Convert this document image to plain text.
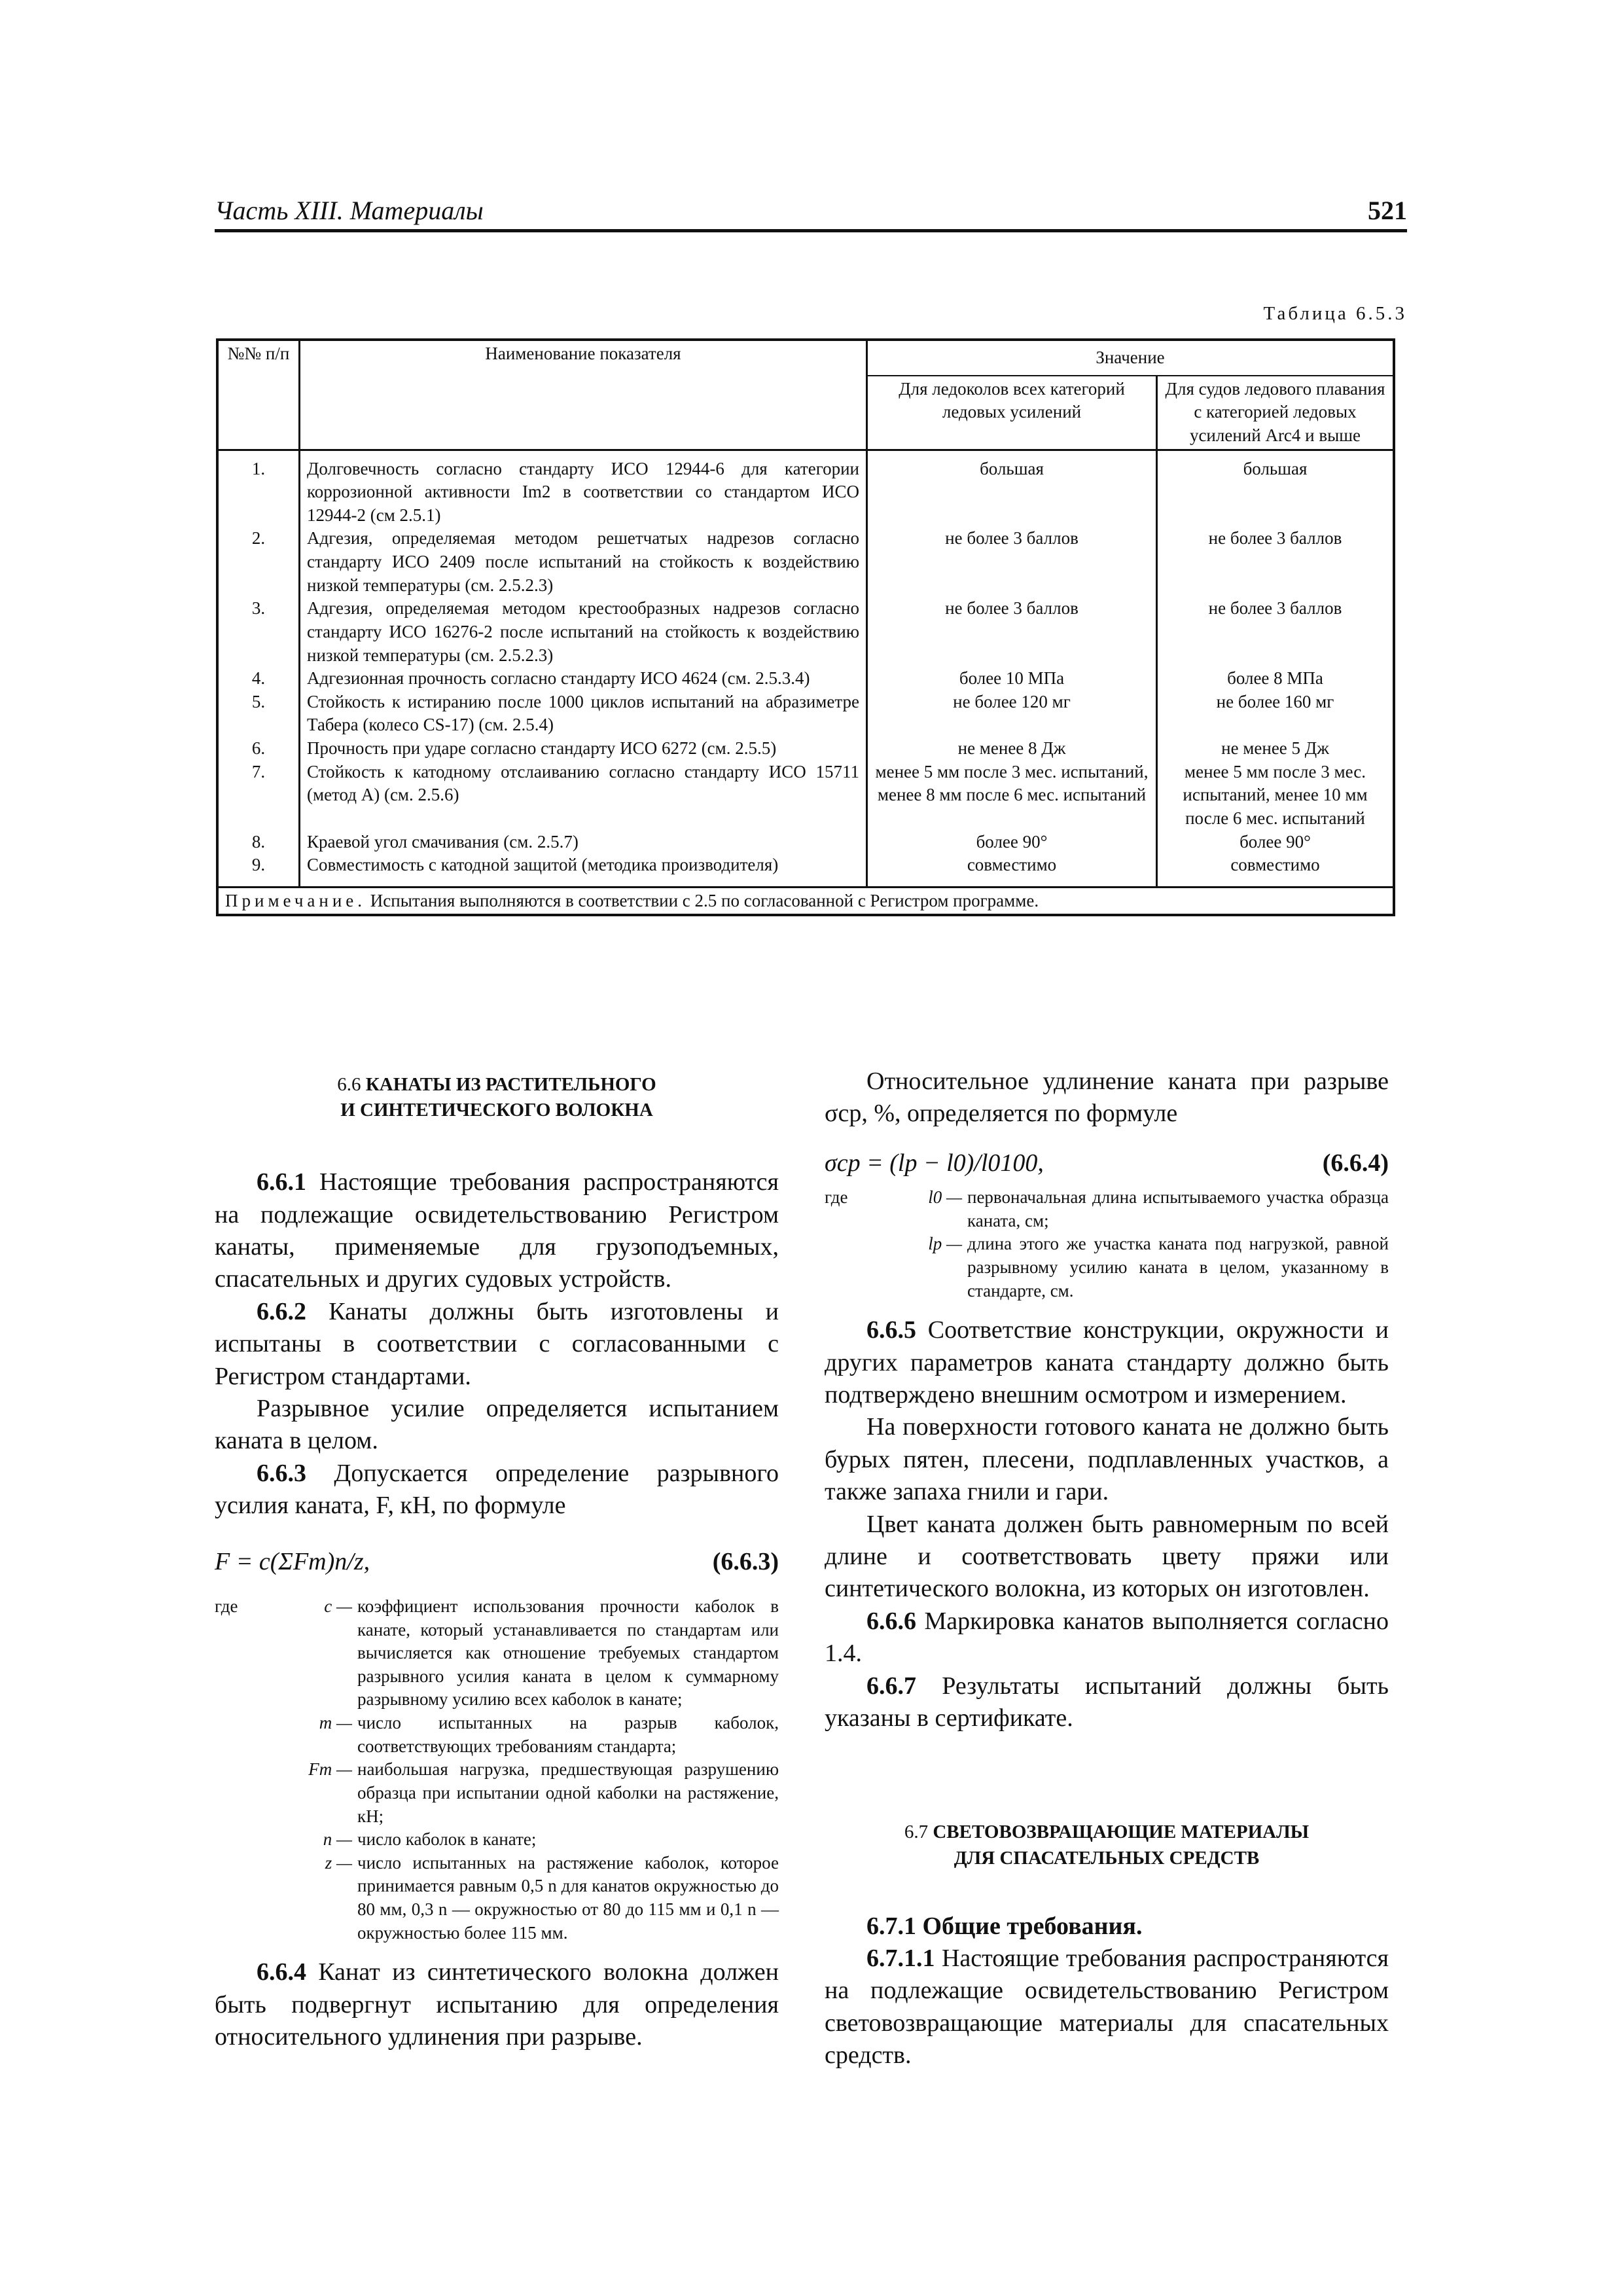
Часть XIII. Материалы	521
Таблица 6.5.3
№№ п/п	Наименование показателя	Значение	
		Для ледоколов всех категорий ледовых усилений	Для судов ледового плавания с категорией ледовых усилений Arc4 и выше
1.	Долговечность согласно стандарту ИСО 12944-6 для категории коррозионной активности Im2 в соответствии со стандартом ИСО 12944-2 (см 2.5.1)	большая	большая
2.	Адгезия, определяемая методом решетчатых надрезов согласно стандарту ИСО 2409 после испытаний на стойкость к воздействию низкой температуры (см. 2.5.2.3)	не более 3 баллов	не более 3 баллов
3.	Адгезия, определяемая методом крестообразных надрезов согласно стандарту ИСО 16276-2 после испытаний на стойкость к воздействию низкой температуры (см. 2.5.2.3)	не более 3 баллов	не более 3 баллов
4.	Адгезионная прочность согласно стандарту ИСО 4624 (см. 2.5.3.4)	более 10 МПа	более 8 МПа
5.	Стойкость к истиранию после 1000 циклов испытаний на абразиметре Табера (колесо CS-17) (см. 2.5.4)	не более 120 мг	не более 160 мг
6.	Прочность при ударе согласно стандарту ИСО 6272 (см. 2.5.5)	не менее 8 Дж	не менее 5 Дж
7.	Стойкость к катодному отслаиванию согласно стандарту ИСО 15711 (метод А) (см. 2.5.6)	менее 5 мм после 3 мес. испытаний, менее 8 мм после 6 мес. испытаний	менее 5 мм после 3 мес. испытаний, менее 10 мм после 6 мес. испытаний
8.	Краевой угол смачивания (см. 2.5.7)	более 90°	более 90°
9.	Совместимость с катодной защитой (методика производителя)	совместимо	совместимо
Примечание. Испытания выполняются в соответствии с 2.5 по согласованной с Регистром программе.			
6.6 КАНАТЫ ИЗ РАСТИТЕЛЬНОГО
И СИНТЕТИЧЕСКОГО ВОЛОКНА

6.6.1 Настоящие требования распространяются на подлежащие освидетельствованию Регистром канаты, применяемые для грузоподъемных, спасательных и других судовых устройств.

6.6.2 Канаты должны быть изготовлены и испытаны в соответствии с согласованными с Регистром стандартами.

Разрывное усилие определяется испытанием каната в целом.

6.6.3 Допускается определение разрывного усилия каната, F, кН, по формуле

F = c(ΣFm)n/z,	(6.6.3)
где	c — коэффициент использования прочности каболок в канате, который устанавливается по стандартам или вычисляется как отношение требуемых стандартом разрывного усилия каната в целом к суммарному разрывному усилию всех каболок в канате;
m — число испытанных на разрыв каболок, соответствующих требованиям стандарта;
Fm — наибольшая нагрузка, предшествующая разрушению образца при испытании одной каболки на растяжение, кН;
n — число каболок в канате;
z — число испытанных на растяжение каболок, которое принимается равным 0,5 n для канатов окружностью до 80 мм, 0,3 n — окружностью от 80 до 115 мм и 0,1 n — окружностью более 115 мм.

6.6.4 Канат из синтетического волокна должен быть подвергнут испытанию для определения относительного удлинения при разрыве.

Относительное удлинение каната при разрыве σср, %, определяется по формуле

σср = (lр − l0)/l0100,	(6.6.4)
где	l0 — первоначальная длина испытываемого участка образца каната, см;
lр — длина этого же участка каната под нагрузкой, равной разрывному усилию каната в целом, указанному в стандарте, см.

6.6.5 Соответствие конструкции, окружности и других параметров каната стандарту должно быть подтверждено внешним осмотром и измерением.

На поверхности готового каната не должно быть бурых пятен, плесени, подплавленных участков, а также запаха гнили и гари.

Цвет каната должен быть равномерным по всей длине и соответствовать цвету пряжи или синтетического волокна, из которых он изготовлен.

6.6.6 Маркировка канатов выполняется согласно 1.4.

6.6.7 Результаты испытаний должны быть указаны в сертификате.

6.7 СВЕТОВОЗВРАЩАЮЩИЕ МАТЕРИАЛЫ
ДЛЯ СПАСАТЕЛЬНЫХ СРЕДСТВ

6.7.1 Общие требования.

6.7.1.1 Настоящие требования распространяются на подлежащие освидетельствованию Регистром световозвращающие материалы для спасательных средств.
